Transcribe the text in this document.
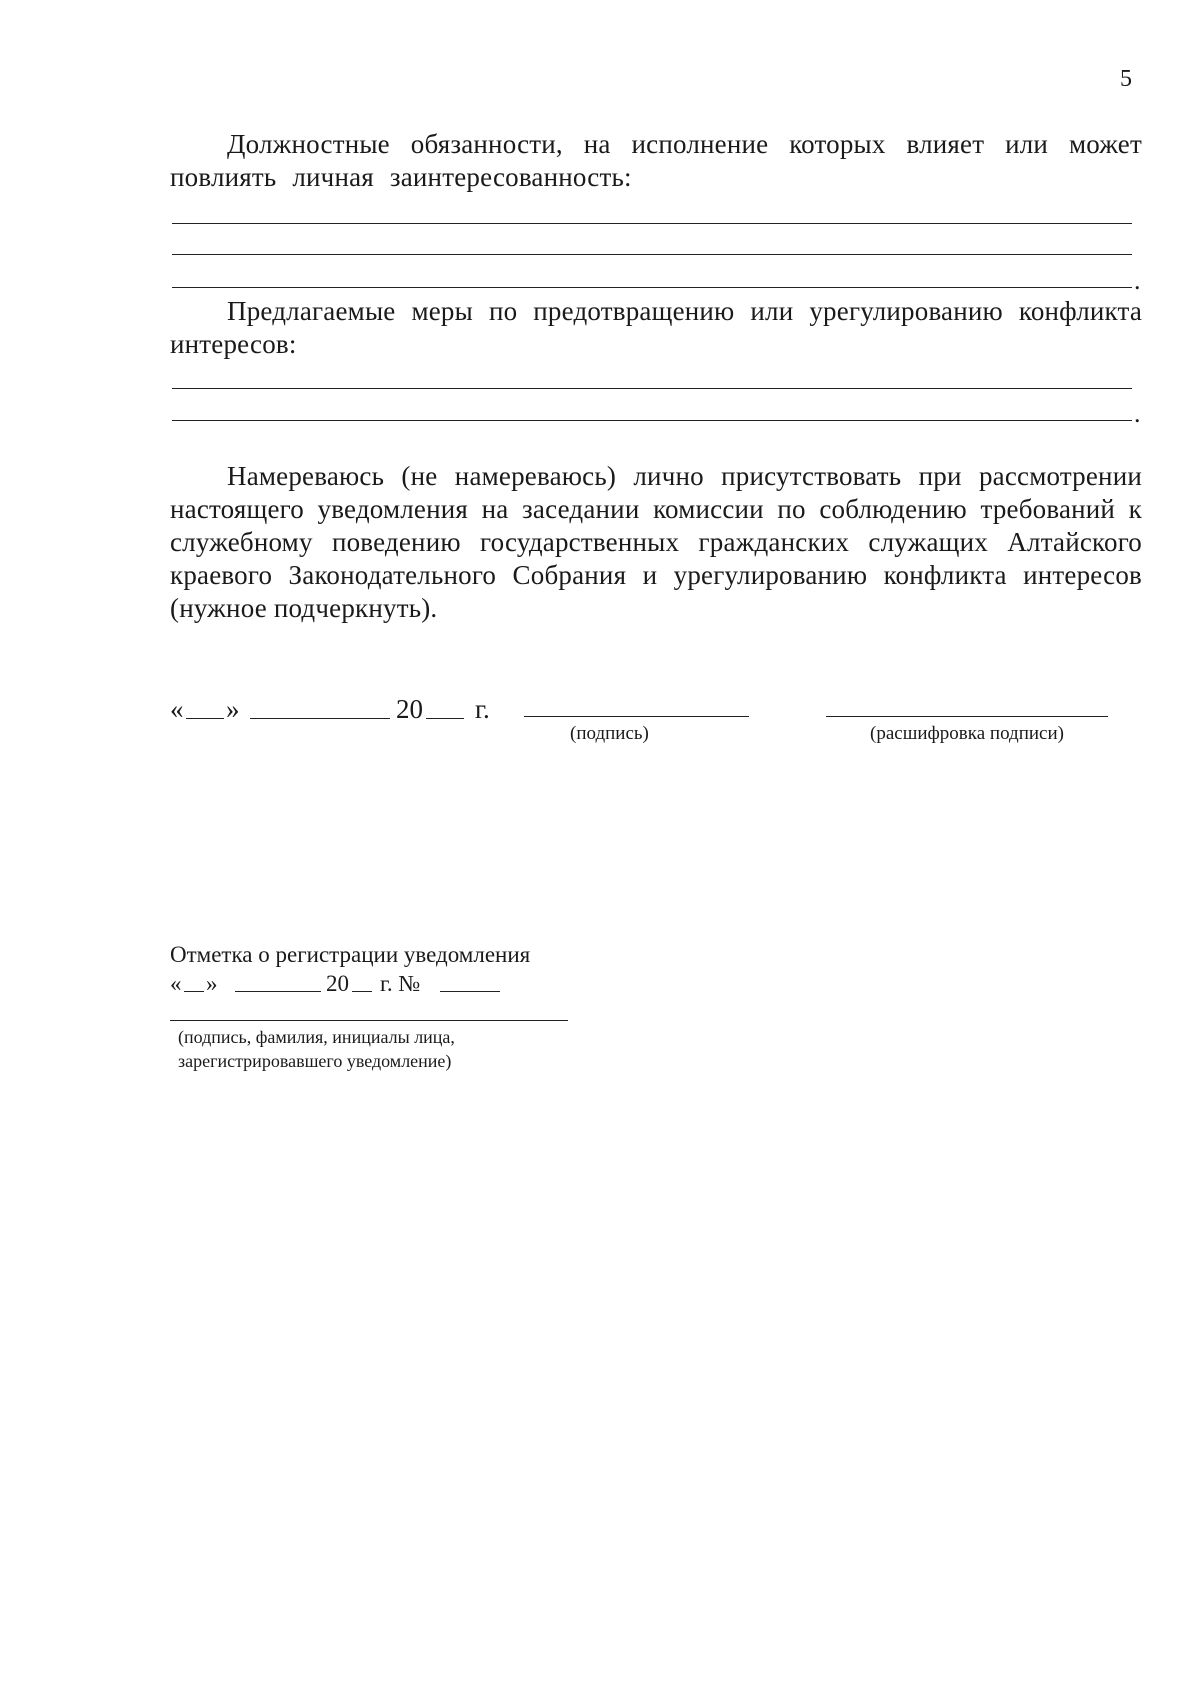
5
Должностные обязанности, на исполнение которых влияет или может повлиять личная заинтересованность:
.
Предлагаемые меры по предотвращению или урегулированию конфликта интересов:
.
Намереваюсь (не намереваюсь) лично присутствовать при рассмотрении настоящего уведомления на заседании комиссии по соблюдению требований к служебному поведению государственных гражданских служащих Алтайского краевого Законодательного Собрания и урегулированию конфликта интересов (нужное подчеркнуть).
« »	20 г.
(подпись)	(расшифровка подписи)
Отметка о регистрации уведомления
« »	20 г. №
(подпись, фамилия, инициалы лица,
зарегистрировавшего уведомление)
